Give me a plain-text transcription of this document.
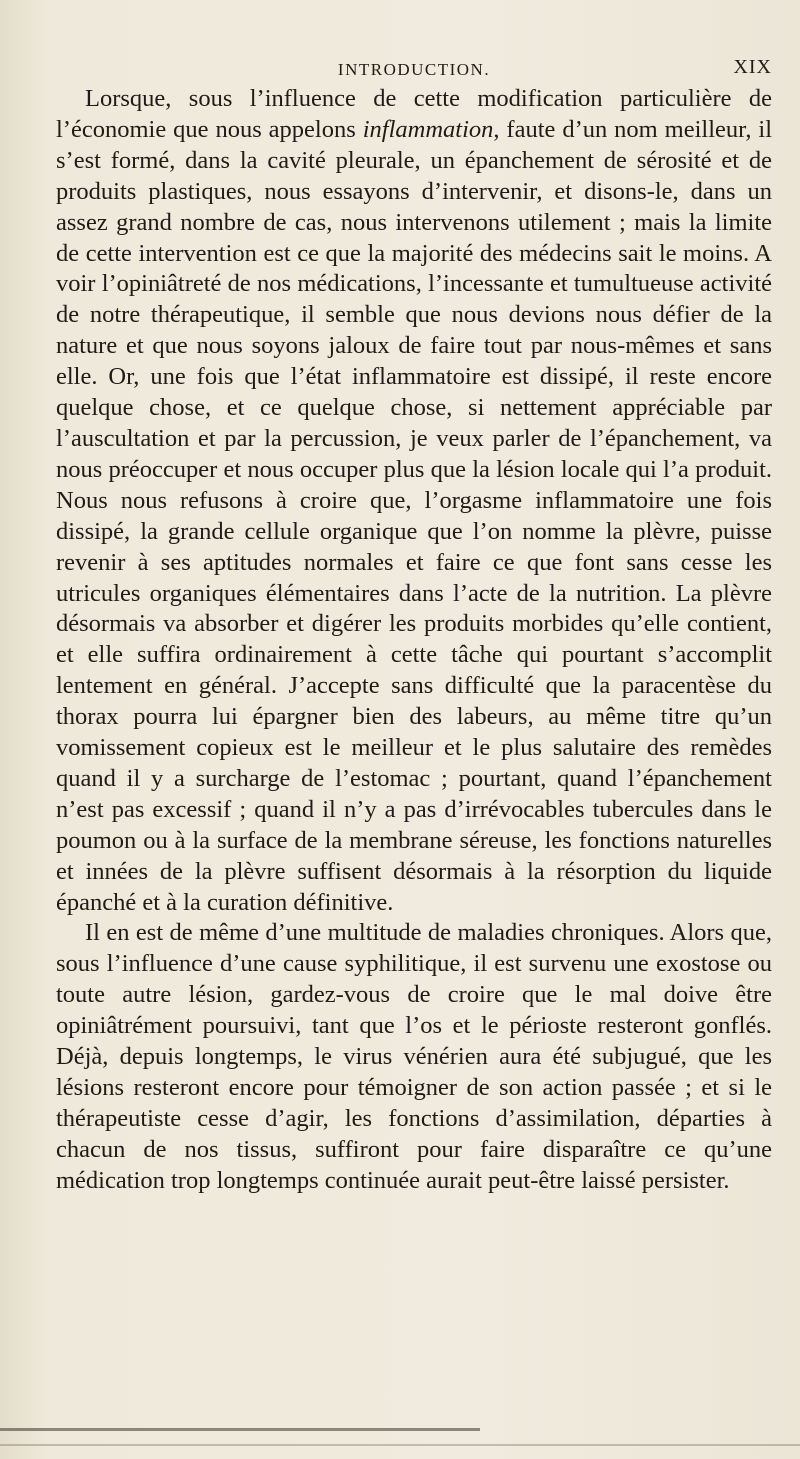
INTRODUCTION.	XIX

Lorsque, sous l’influence de cette modification particulière de l’économie que nous appelons inflammation, faute d’un nom meilleur, il s’est formé, dans la cavité pleurale, un épanchement de sérosité et de produits plastiques, nous essayons d’intervenir, et disons-le, dans un assez grand nombre de cas, nous intervenons utilement ; mais la limite de cette intervention est ce que la majorité des médecins sait le moins. A voir l’opiniâtreté de nos médications, l’incessante et tumultueuse activité de notre thérapeutique, il semble que nous devions nous défier de la nature et que nous soyons jaloux de faire tout par nous-mêmes et sans elle. Or, une fois que l’état inflammatoire est dissipé, il reste encore quelque chose, et ce quelque chose, si nettement appréciable par l’auscultation et par la percussion, je veux parler de l’épanchement, va nous préoccuper et nous occuper plus que la lésion locale qui l’a produit. Nous nous refusons à croire que, l’orgasme inflammatoire une fois dissipé, la grande cellule organique que l’on nomme la plèvre, puisse revenir à ses aptitudes normales et faire ce que font sans cesse les utricules organiques élémentaires dans l’acte de la nutrition. La plèvre désormais va absorber et digérer les produits morbides qu’elle contient, et elle suffira ordinairement à cette tâche qui pourtant s’accomplit lentement en général. J’accepte sans difficulté que la paracentèse du thorax pourra lui épargner bien des labeurs, au même titre qu’un vomissement copieux est le meilleur et le plus salutaire des remèdes quand il y a surcharge de l’estomac ; pourtant, quand l’épanchement n’est pas excessif ; quand il n’y a pas d’irrévocables tubercules dans le poumon ou à la surface de la membrane séreuse, les fonctions naturelles et innées de la plèvre suffisent désormais à la résorption du liquide épanché et à la curation définitive.

Il en est de même d’une multitude de maladies chroniques. Alors que, sous l’influence d’une cause syphilitique, il est survenu une exostose ou toute autre lésion, gardez-vous de croire que le mal doive être opiniâtrément poursuivi, tant que l’os et le périoste resteront gonflés. Déjà, depuis longtemps, le virus vénérien aura été subjugué, que les lésions resteront encore pour témoigner de son action passée ; et si le thérapeutiste cesse d’agir, les fonctions d’assimilation, départies à chacun de nos tissus, suffiront pour faire disparaître ce qu’une médication trop longtemps continuée aurait peut-être laissé persister.
